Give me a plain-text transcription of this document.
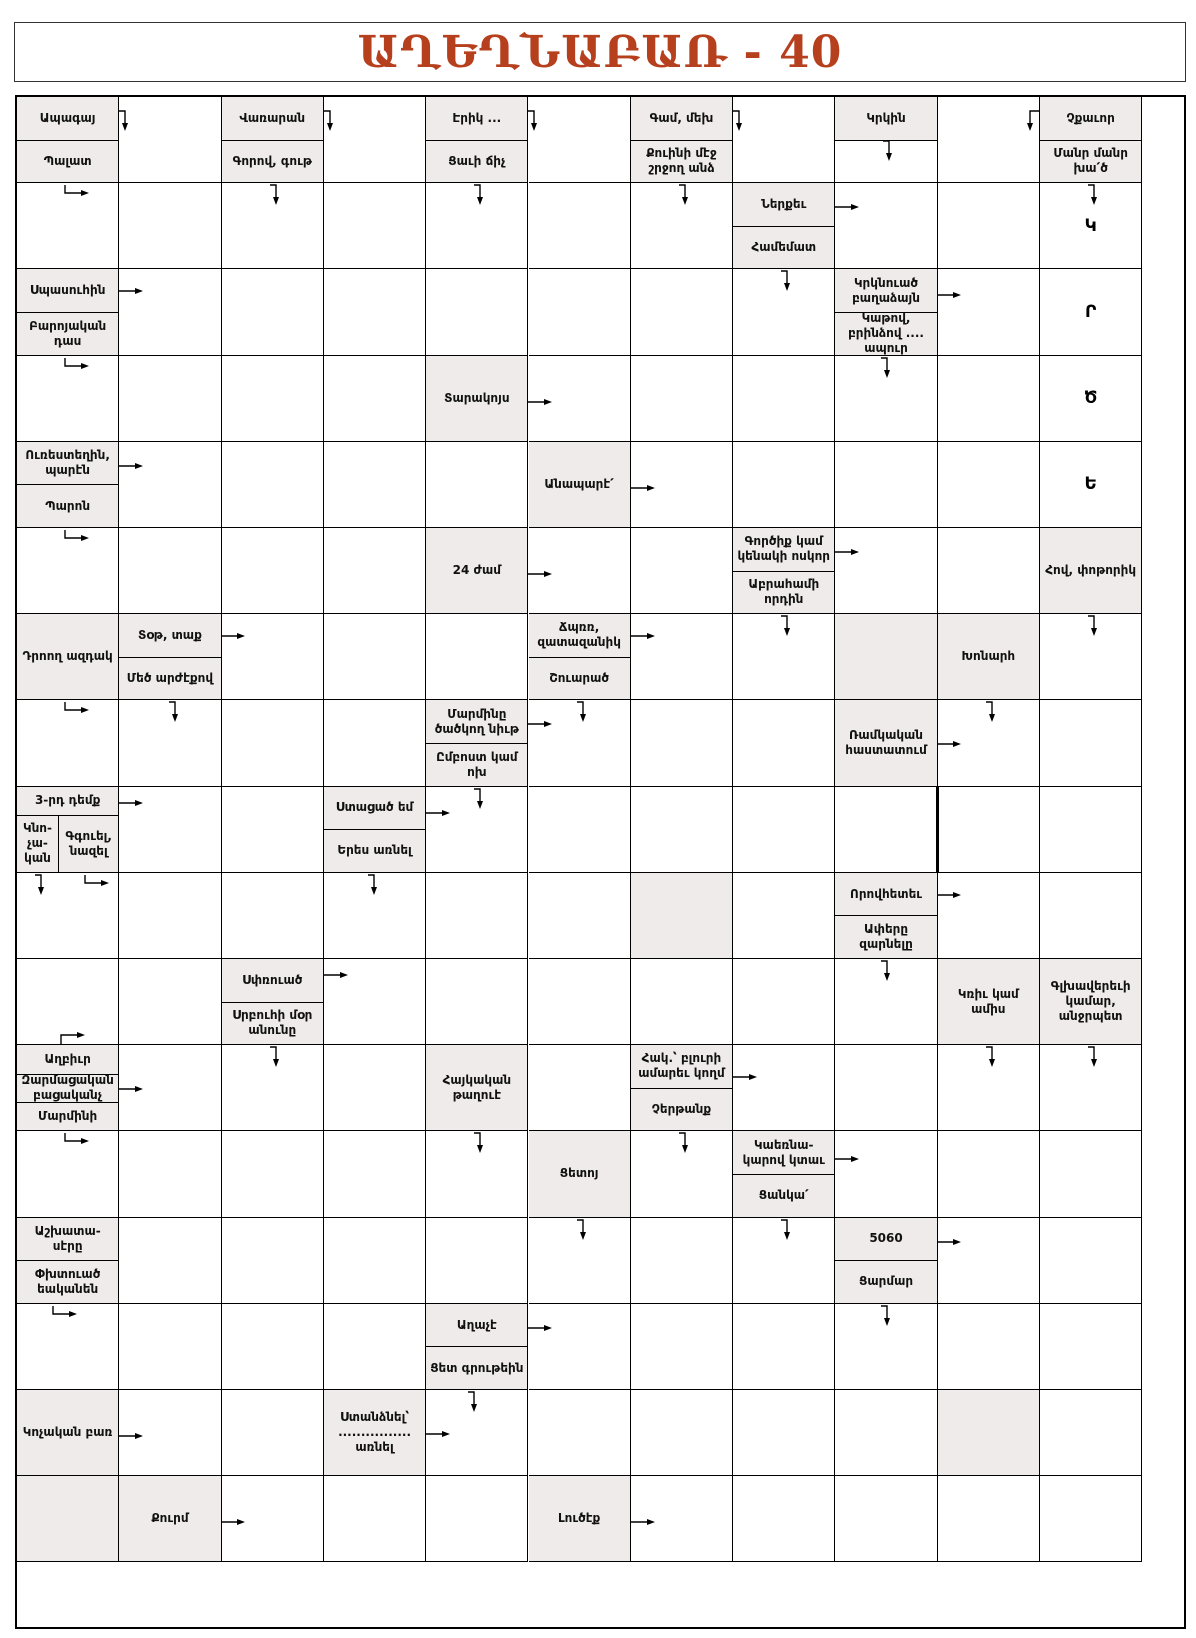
ԱՂԵՂՆԱԲԱՌ - 40
Ապագայ
Պալատ
Վառարան
Գորով, գութ
Էրիկ ...
Ցաւի ճիչ
Գամ, մեխ
Քուինի մէջ շրջող անձ
Կրկին	Չքաւոր
Մանր մանր խա՛ծ
Ներքեւ
Համեմատ
Կ
Սպասուհին
Բարոյական դաս
Կրկնուած բաղաձայն
Կաթով, բրինձով .... ապուր
Ր
Տարակոյս	Ծ
Ուռեստեղին, պարէն
Պարոն
Անապարէ՛	Ե
24 ժամ
Գործիք կամ կենակի ոսկոր
Աբրահամի որդին
Հով, փոթորիկ
Դրոող ազդակ
Տօթ, տաք
Մեծ արժէքով
Ճպռռ, զատազանիկ
Շուարած
Խոնարհ
Մարմինը ծածկող նիւթ
Ըմբոստ կամ ոխ
Ռամկական հաստատում
3-րդ դեմք
Կնո- չա- կան
Գգուել, նազել
Ստացած եմ
Երես առնել
Որովհետեւ
Ափերը զարնելը
Սփռուած
Սրբուհի մօր անունը
Կռիւ կամ ամիս
Գլխավերեւի կամար, անջրպետ
Աղբիւր
Զարմացական բացականչ
Մարմինի
Հայկական թաղուէ
Հակ.՝ բլուրի ամարեւ կողմ
Չերթանք
Ցետոյ
Կաեռնա- կարով կտաւ
Ցանկա՛
Աշխատա- սէրը
Փխտուած եականեն
5060
Ցարմար
Աղաչէ
Ցետ գրութեին
Կոչական բառ
Ստանձնել՝ ................ առնել
Քուրմ	Լուծէք
